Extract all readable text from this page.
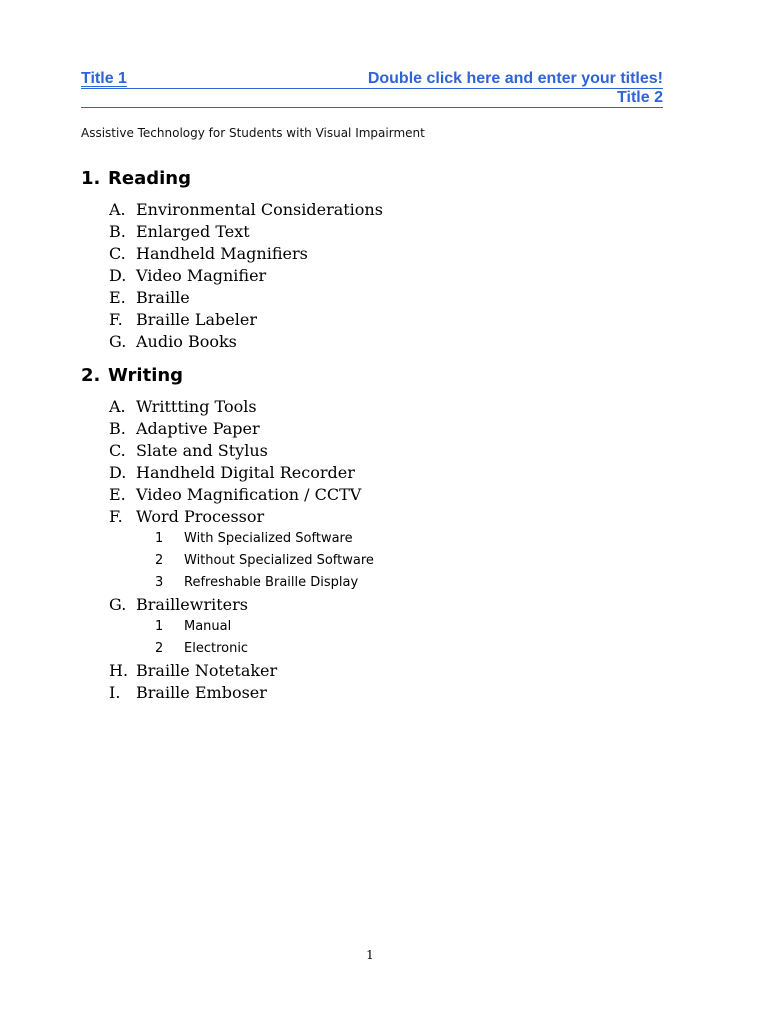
Title 1	Double click here and enter your titles!
Title 2
Assistive Technology for Students with Visual Impairment
1. Reading
A. Environmental Considerations
B. Enlarged Text
C. Handheld Magnifiers
D. Video Magnifier
E. Braille
F. Braille Labeler
G. Audio Books
2. Writing
A. Writtting Tools
B. Adaptive Paper
C. Slate and Stylus
D. Handheld Digital Recorder
E. Video Magnification / CCTV
F. Word Processor
1 With Specialized Software
2 Without Specialized Software
3 Refreshable Braille Display
G. Braillewriters
1 Manual
2 Electronic
H. Braille Notetaker
I. Braille Emboser
1
